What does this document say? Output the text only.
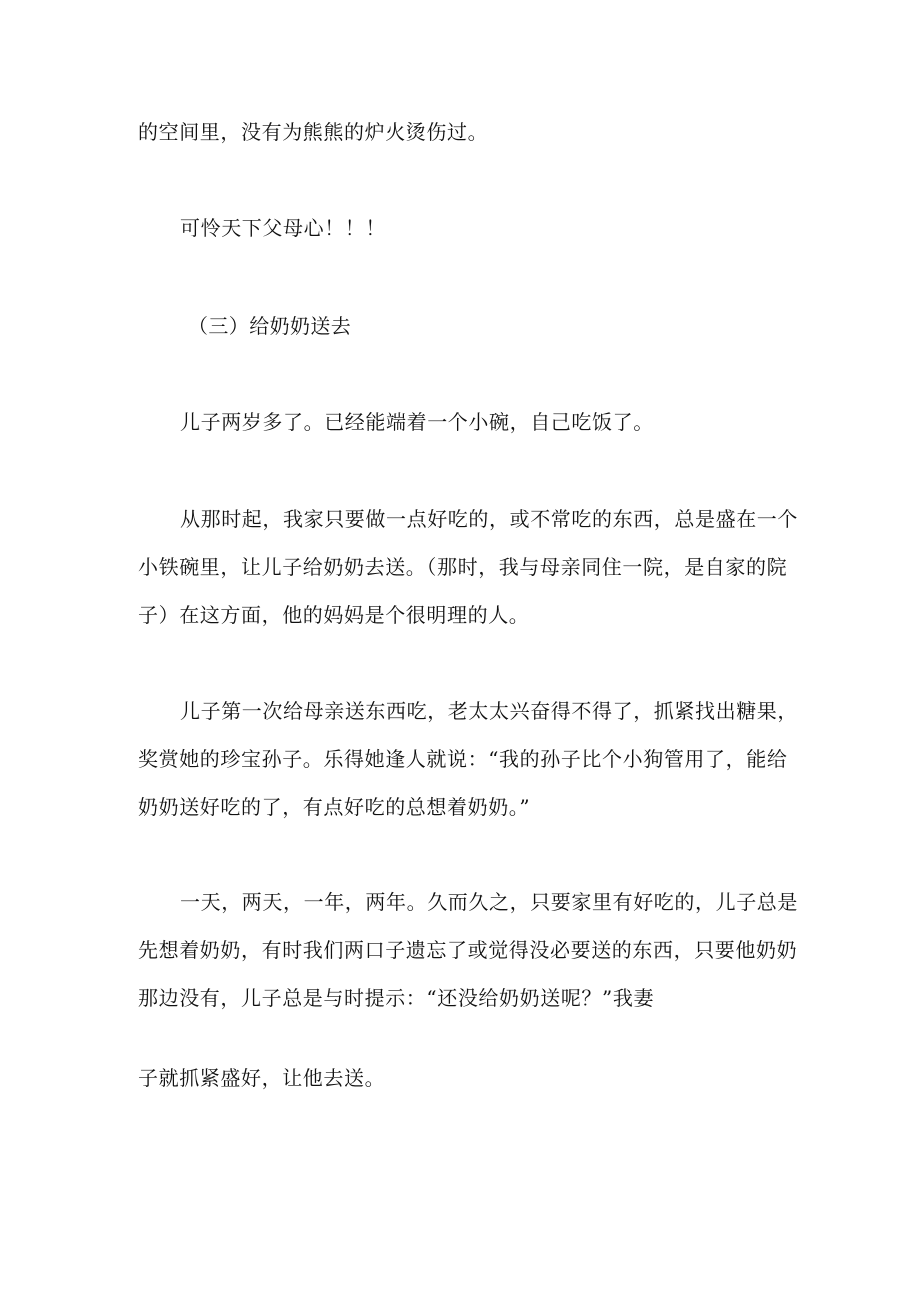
的空间里，没有为熊熊的炉火烫伤过。
可怜天下父母心！！！
（三）给奶奶送去
儿子两岁多了。已经能端着一个小碗，自己吃饭了。
从那时起，我家只要做一点好吃的，或不常吃的东西，总是盛在一个
小铁碗里，让儿子给奶奶去送。（那时，我与母亲同住一院，是自家的院
子）在这方面，他的妈妈是个很明理的人。
儿子第一次给母亲送东西吃，老太太兴奋得不得了，抓紧找出糖果，
奖赏她的珍宝孙子。乐得她逢人就说：“我的孙子比个小狗管用了，能给
奶奶送好吃的了，有点好吃的总想着奶奶。”
一天，两天，一年，两年。久而久之，只要家里有好吃的，儿子总是
先想着奶奶，有时我们两口子遗忘了或觉得没必要送的东西，只要他奶奶
那边没有，儿子总是与时提示：“还没给奶奶送呢？”我妻
子就抓紧盛好，让他去送。
